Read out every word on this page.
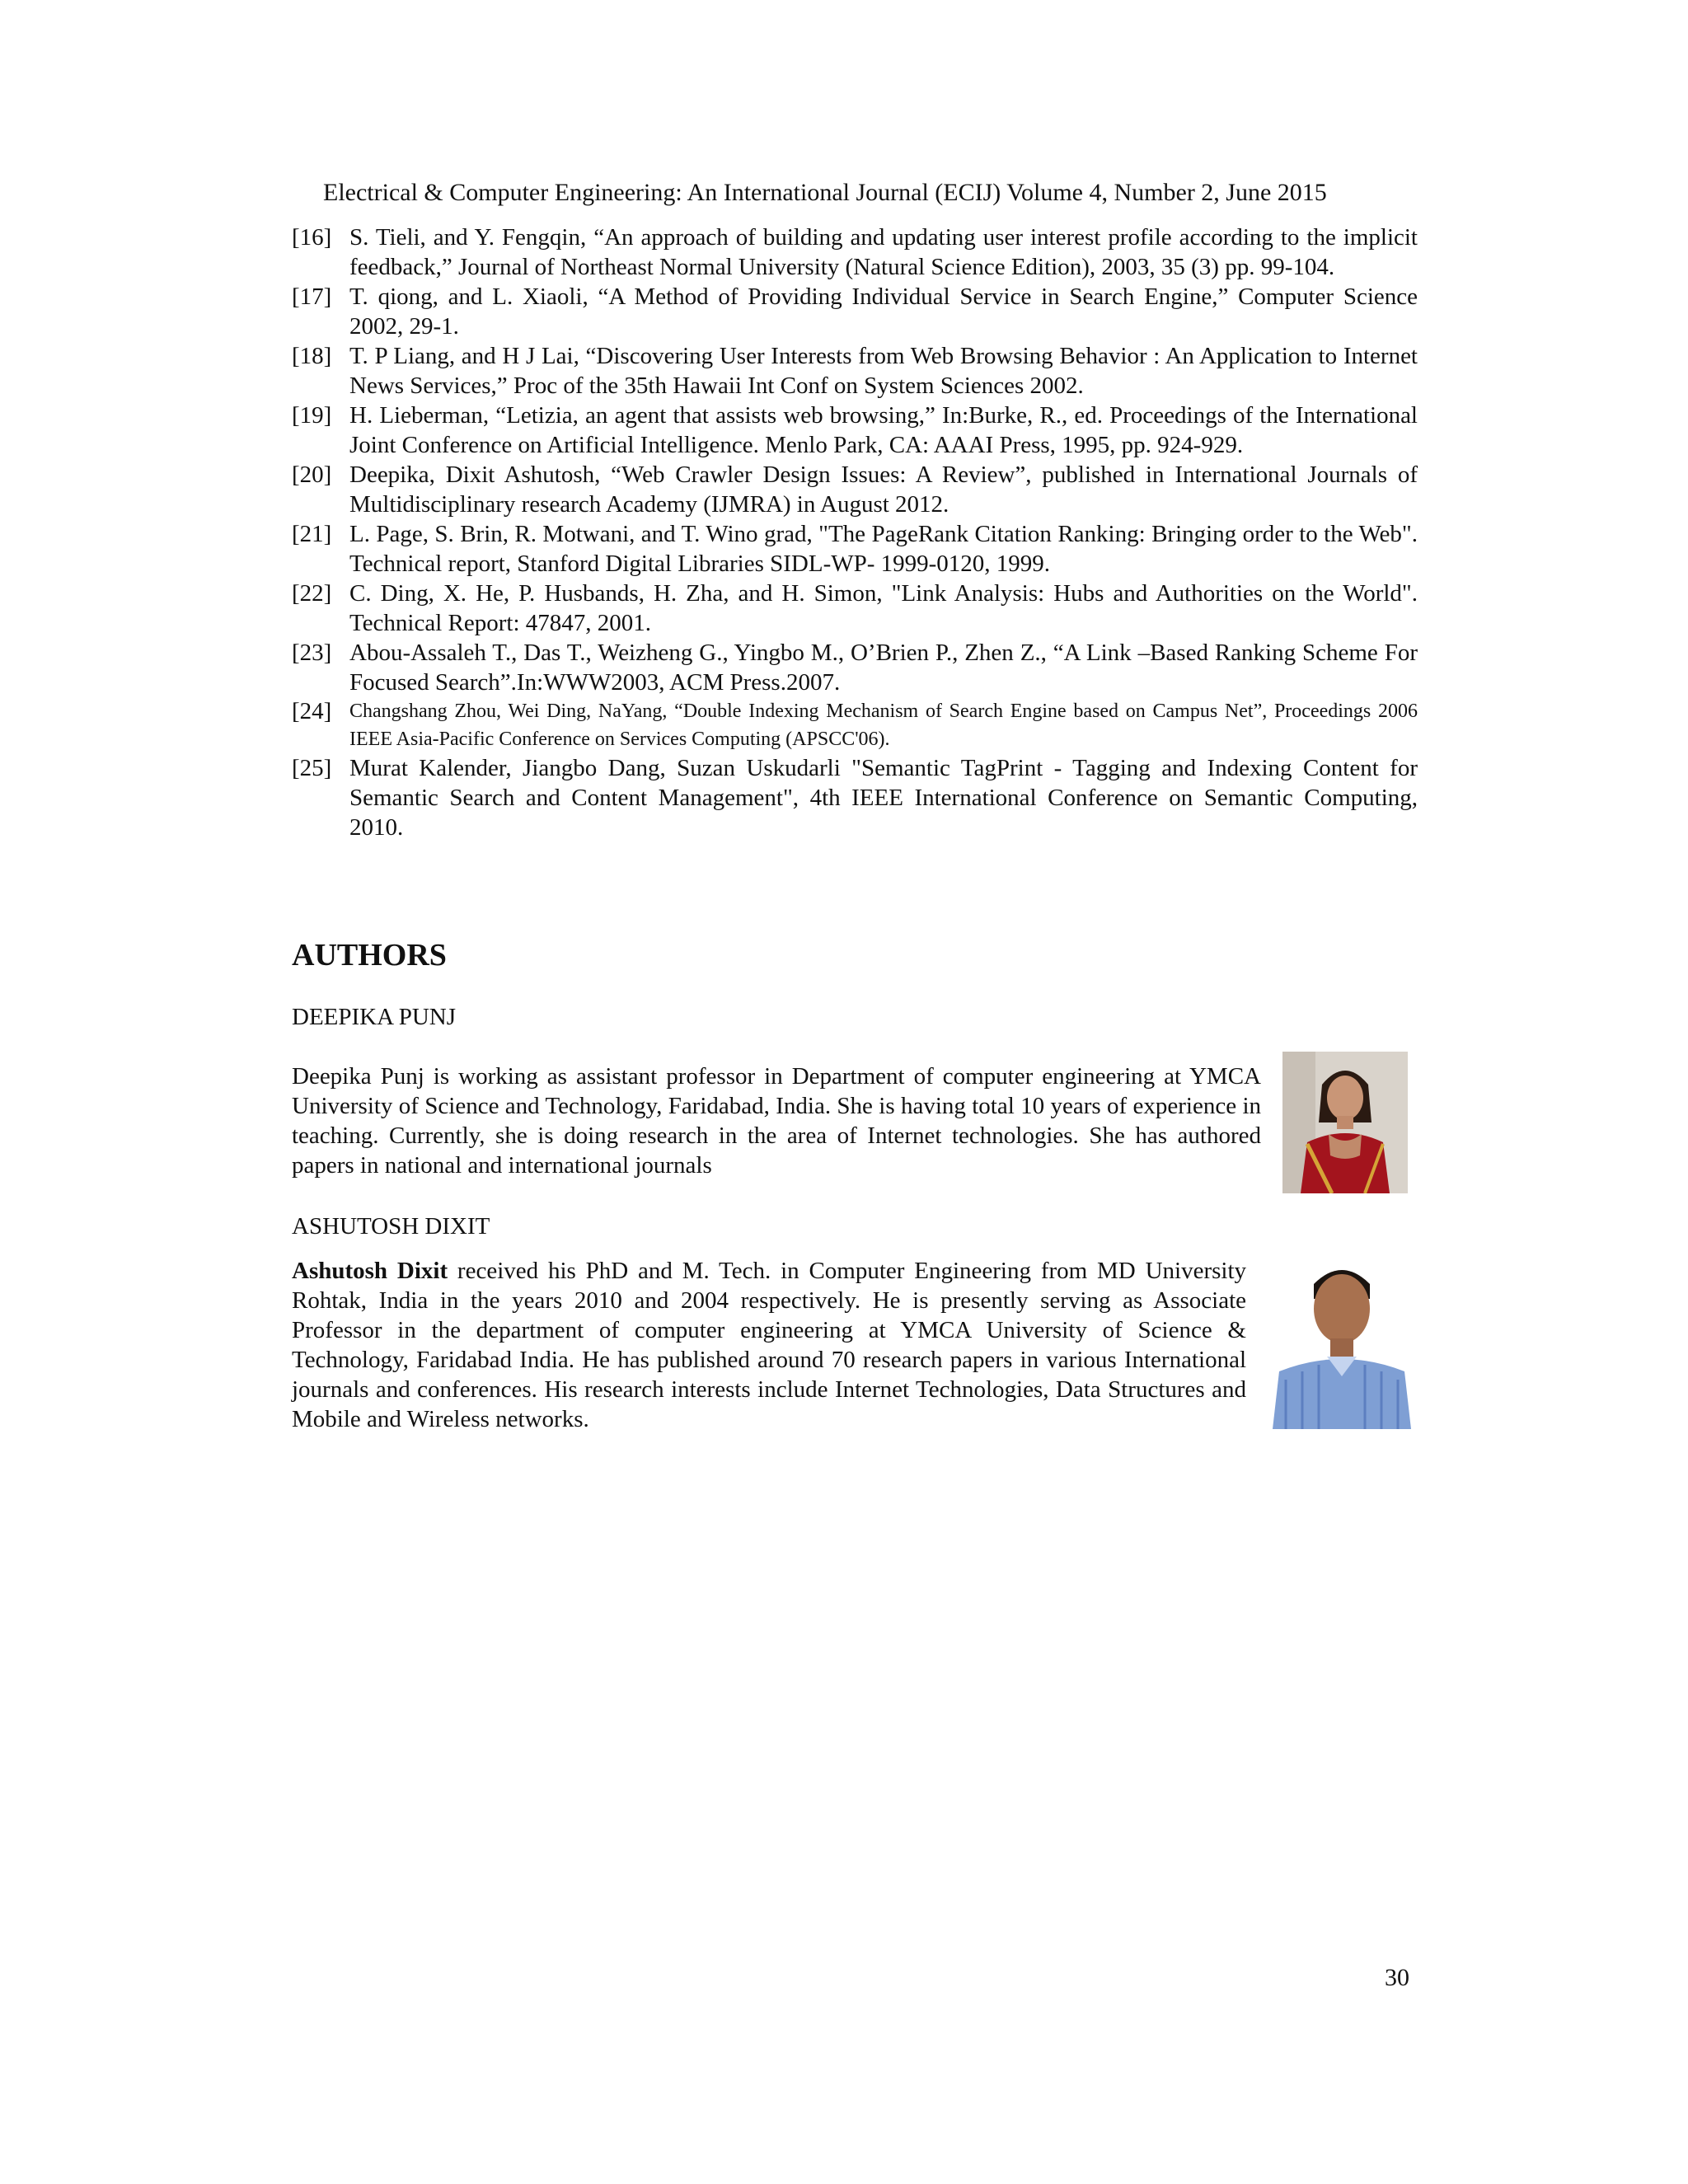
Electrical & Computer Engineering: An International Journal (ECIJ) Volume 4, Number 2, June 2015
[16] S. Tieli, and Y. Fengqin, “An approach of building and updating user interest profile according to the implicit feedback,” Journal of Northeast Normal University (Natural Science Edition), 2003, 35 (3) pp. 99-104.
[17] T. qiong, and L. Xiaoli, “A Method of Providing Individual Service in Search Engine,” Computer Science 2002, 29-1.
[18] T. P Liang, and H J Lai, “Discovering User Interests from Web Browsing Behavior : An Application to Internet News Services,” Proc of the 35th Hawaii Int Conf on System Sciences 2002.
[19] H. Lieberman, “Letizia, an agent that assists web browsing,” In:Burke, R., ed. Proceedings of the International Joint Conference on Artificial Intelligence. Menlo Park, CA: AAAI Press, 1995, pp. 924-929.
[20] Deepika, Dixit Ashutosh, “Web Crawler Design Issues: A Review”, published in International Journals of Multidisciplinary research Academy (IJMRA) in August 2012.
[21] L. Page, S. Brin, R. Motwani, and T. Wino grad, "The PageRank Citation Ranking: Bringing order to the Web". Technical report, Stanford Digital Libraries SIDL-WP- 1999-0120, 1999.
[22] C. Ding, X. He, P. Husbands, H. Zha, and H. Simon, "Link Analysis: Hubs and Authorities on the World". Technical Report: 47847, 2001.
[23] Abou-Assaleh T., Das T., Weizheng G., Yingbo M., O’Brien P., Zhen Z., “A Link –Based Ranking Scheme For Focused Search”.In:WWW2003, ACM Press.2007.
[24] Changshang Zhou, Wei Ding, NaYang, “Double Indexing Mechanism of Search Engine based on Campus Net”, Proceedings 2006 IEEE Asia-Pacific Conference on Services Computing (APSCC'06).
[25] Murat Kalender, Jiangbo Dang, Suzan Uskudarli "Semantic TagPrint - Tagging and Indexing Content for Semantic Search and Content Management", 4th IEEE International Conference on Semantic Computing, 2010.
AUTHORS
DEEPIKA PUNJ

Deepika Punj is working as assistant professor in Department of computer engineering at YMCA University of Science and Technology, Faridabad, India. She is having total 10 years of experience in teaching. Currently, she is doing research in the area of Internet technologies. She has authored papers in national and international journals

ASHUTOSH DIXIT

Ashutosh Dixit received his PhD and M. Tech. in Computer Engineering from MD University Rohtak, India in the years 2010 and 2004 respectively. He is presently serving as Associate Professor in the department of computer engineering at YMCA University of Science & Technology, Faridabad India. He has published around 70 research papers in various International journals and conferences. His research interests include Internet Technologies, Data Structures and Mobile and Wireless networks.

30
